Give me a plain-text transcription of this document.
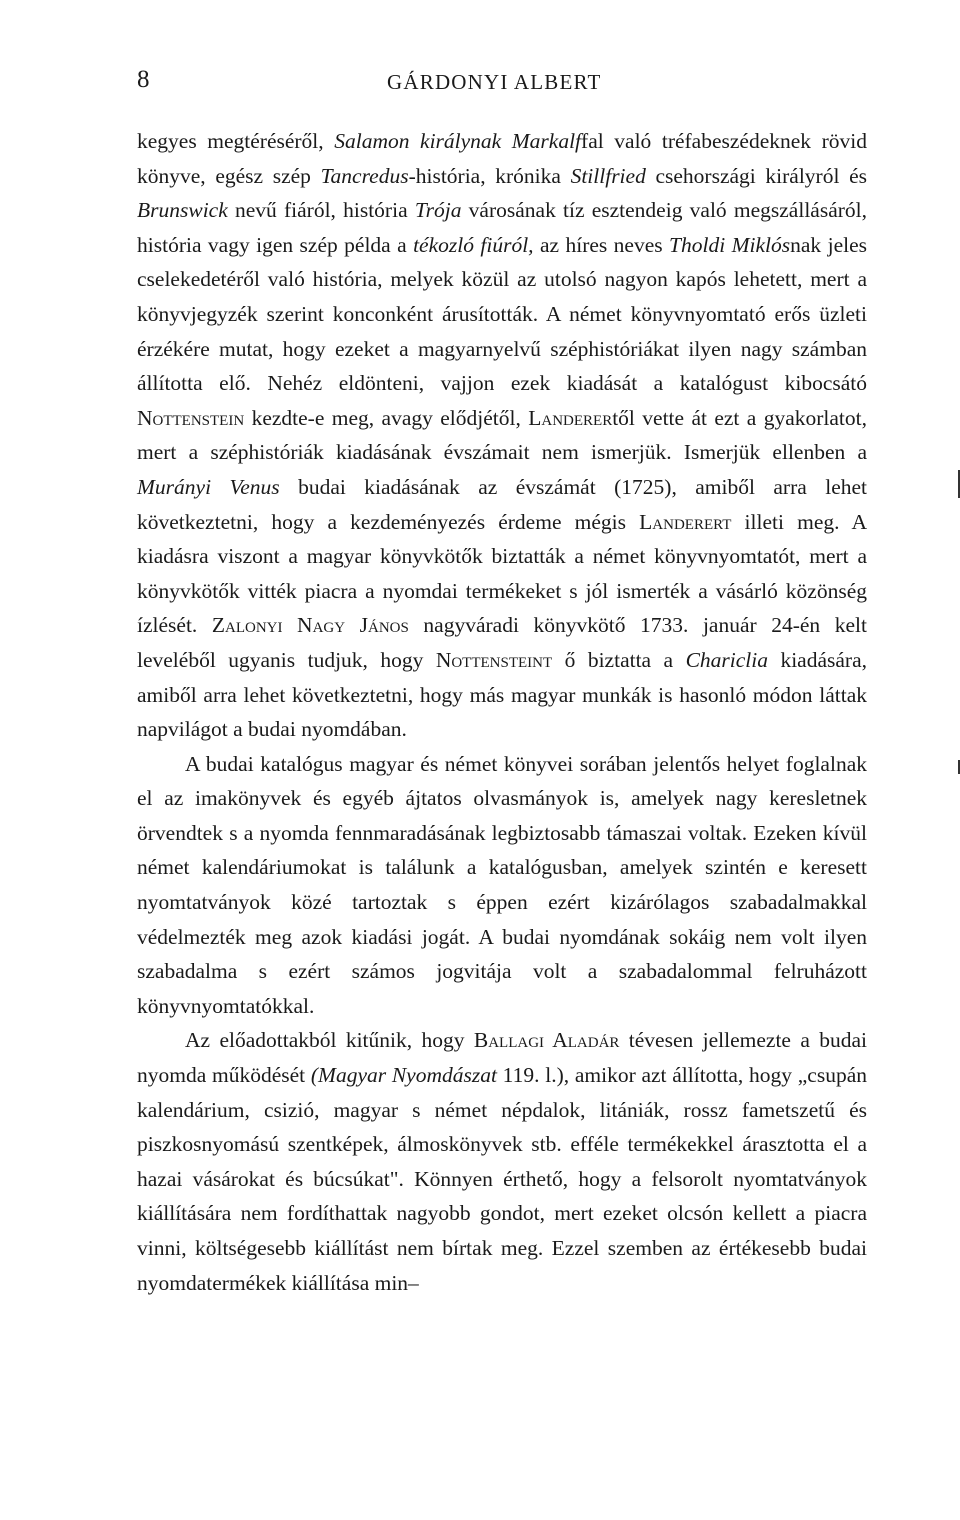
8	GÁRDONYI ALBERT

kegyes megtéréséről, Salamon királynak Markalffal való tréfabeszédeknek rövid könyve, egész szép Tancredus-história, krónika Stillfried csehországi királyról és Brunswick nevű fiáról, história Trója városának tíz esztendeig való megszállásáról, história vagy igen szép példa a tékozló fiúról, az híres neves Tholdi Miklósnak jeles cselekedetéről való história, melyek közül az utolsó nagyon kapós lehetett, mert a könyvjegyzék szerint konconként árusították. A német könyvnyomtató erős üzleti érzékére mutat, hogy ezeket a magyarnyelvű széphistóriákat ilyen nagy számban állította elő. Nehéz eldönteni, vajjon ezek kiadását a katalógust kibocsátó Nottenstein kezdte-e meg, avagy elődjétől, Landerertől vette át ezt a gyakorlatot, mert a széphistóriák kiadásának évszámait nem ismerjük. Ismerjük ellenben a Murányi Venus budai kiadásának az évszámát (1725), amiből arra lehet következtetni, hogy a kezdeményezés érdeme mégis Landerert illeti meg. A kiadásra viszont a magyar könyvkötők biztatták a német könyvnyomtatót, mert a könyvkötők vitték piacra a nyomdai termékeket s jól ismerték a vásárló közönség ízlését. Zalonyi Nagy János nagyváradi könyvkötő 1733. január 24-én kelt leveléből ugyanis tudjuk, hogy Nottensteint ő biztatta a Chariclia kiadására, amiből arra lehet következtetni, hogy más magyar munkák is hasonló módon láttak napvilágot a budai nyomdában.

A budai katalógus magyar és német könyvei sorában jelentős helyet foglalnak el az imakönyvek és egyéb ájtatos olvasmányok is, amelyek nagy keresletnek örvendtek s a nyomda fennmaradásának legbiztosabb támaszai voltak. Ezeken kívül német kalendáriumokat is találunk a katalógusban, amelyek szintén e keresett nyomtatványok közé tartoztak s éppen ezért kizárólagos szabadalmakkal védelmezték meg azok kiadási jogát. A budai nyomdának sokáig nem volt ilyen szabadalma s ezért számos jogvitája volt a szabadalommal felruházott könyvnyomtatókkal.

Az előadottakból kitűnik, hogy Ballagi Aladár tévesen jellemezte a budai nyomda működését (Magyar Nyomdászat 119. l.), amikor azt állította, hogy „csupán kalendárium, csizió, magyar s német népdalok, litániák, rossz fametszetű és piszkosnyomású szentképek, álmoskönyvek stb. efféle termékekkel árasztotta el a hazai vásárokat és búcsúkat". Könnyen érthető, hogy a felsorolt nyomtatványok kiállítására nem fordíthattak nagyobb gondot, mert ezeket olcsón kellett a piacra vinni, költségesebb kiállítást nem bírtak meg. Ezzel szemben az értékesebb budai nyomdatermékek kiállítása min–
